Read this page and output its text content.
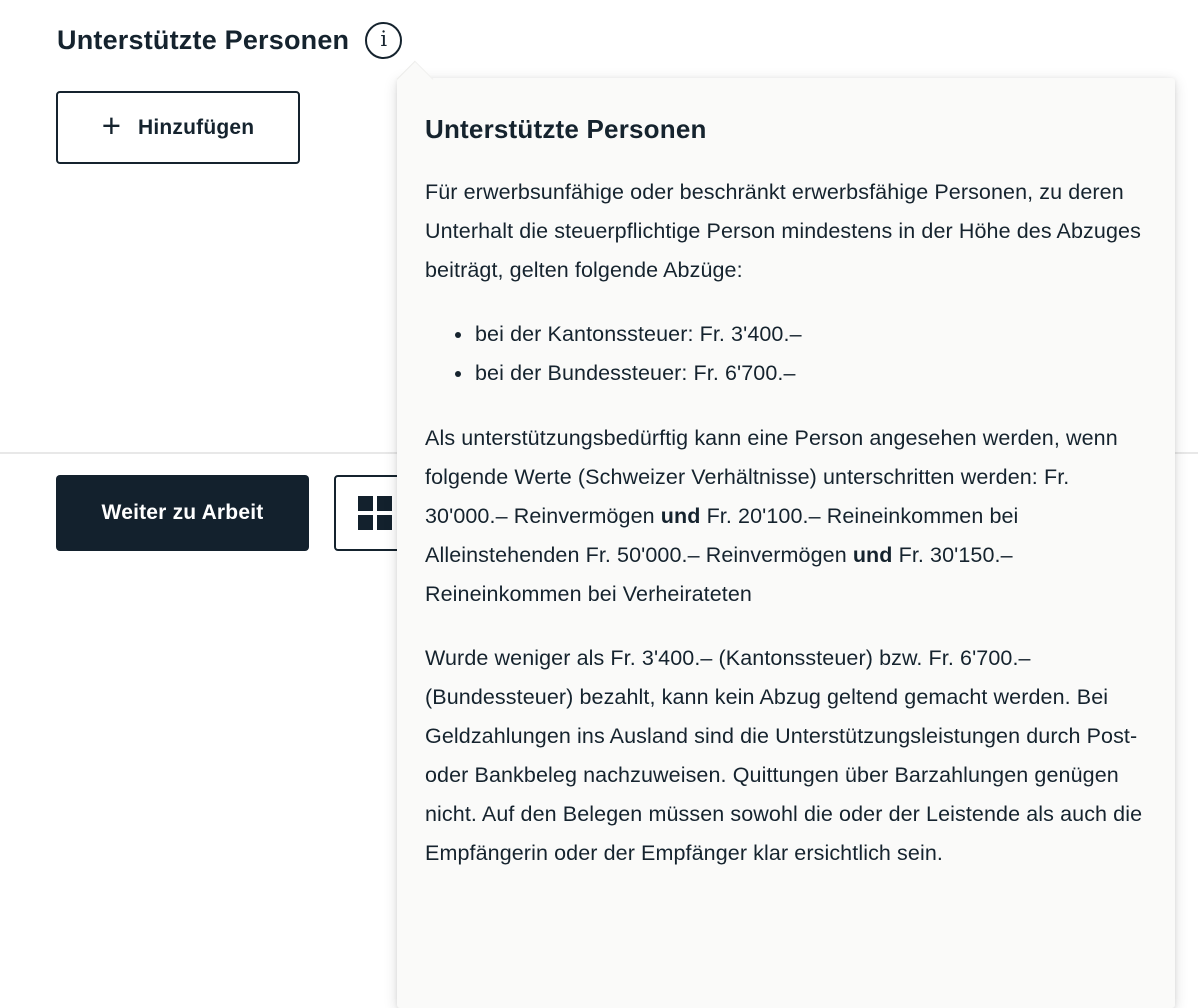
Unterstützte Personen i
+ Hinzufügen
Weiter zu Arbeit
Unterstützte Personen

Für erwerbsunfähige oder beschränkt erwerbsfähige Personen, zu deren Unterhalt die steuerpflichtige Person mindestens in der Höhe des Abzuges beiträgt, gelten folgende Abzüge:

bei der Kantonssteuer: Fr. 3'400.–
bei der Bundessteuer: Fr. 6'700.–

Als unterstützungsbedürftig kann eine Person angesehen werden, wenn folgende Werte (Schweizer Verhältnisse) unterschritten werden: Fr. 30'000.– Reinvermögen und Fr. 20'100.– Reineinkommen bei Alleinstehenden Fr. 50'000.– Reinvermögen und Fr. 30'150.– Reineinkommen bei Verheirateten

Wurde weniger als Fr. 3'400.– (Kantonssteuer) bzw. Fr. 6'700.– (Bundessteuer) bezahlt, kann kein Abzug geltend gemacht werden. Bei Geldzahlungen ins Ausland sind die Unterstützungsleistungen durch Post- oder Bankbeleg nachzuweisen. Quittungen über Barzahlungen genügen nicht. Auf den Belegen müssen sowohl die oder der Leistende als auch die Empfängerin oder der Empfänger klar ersichtlich sein.
